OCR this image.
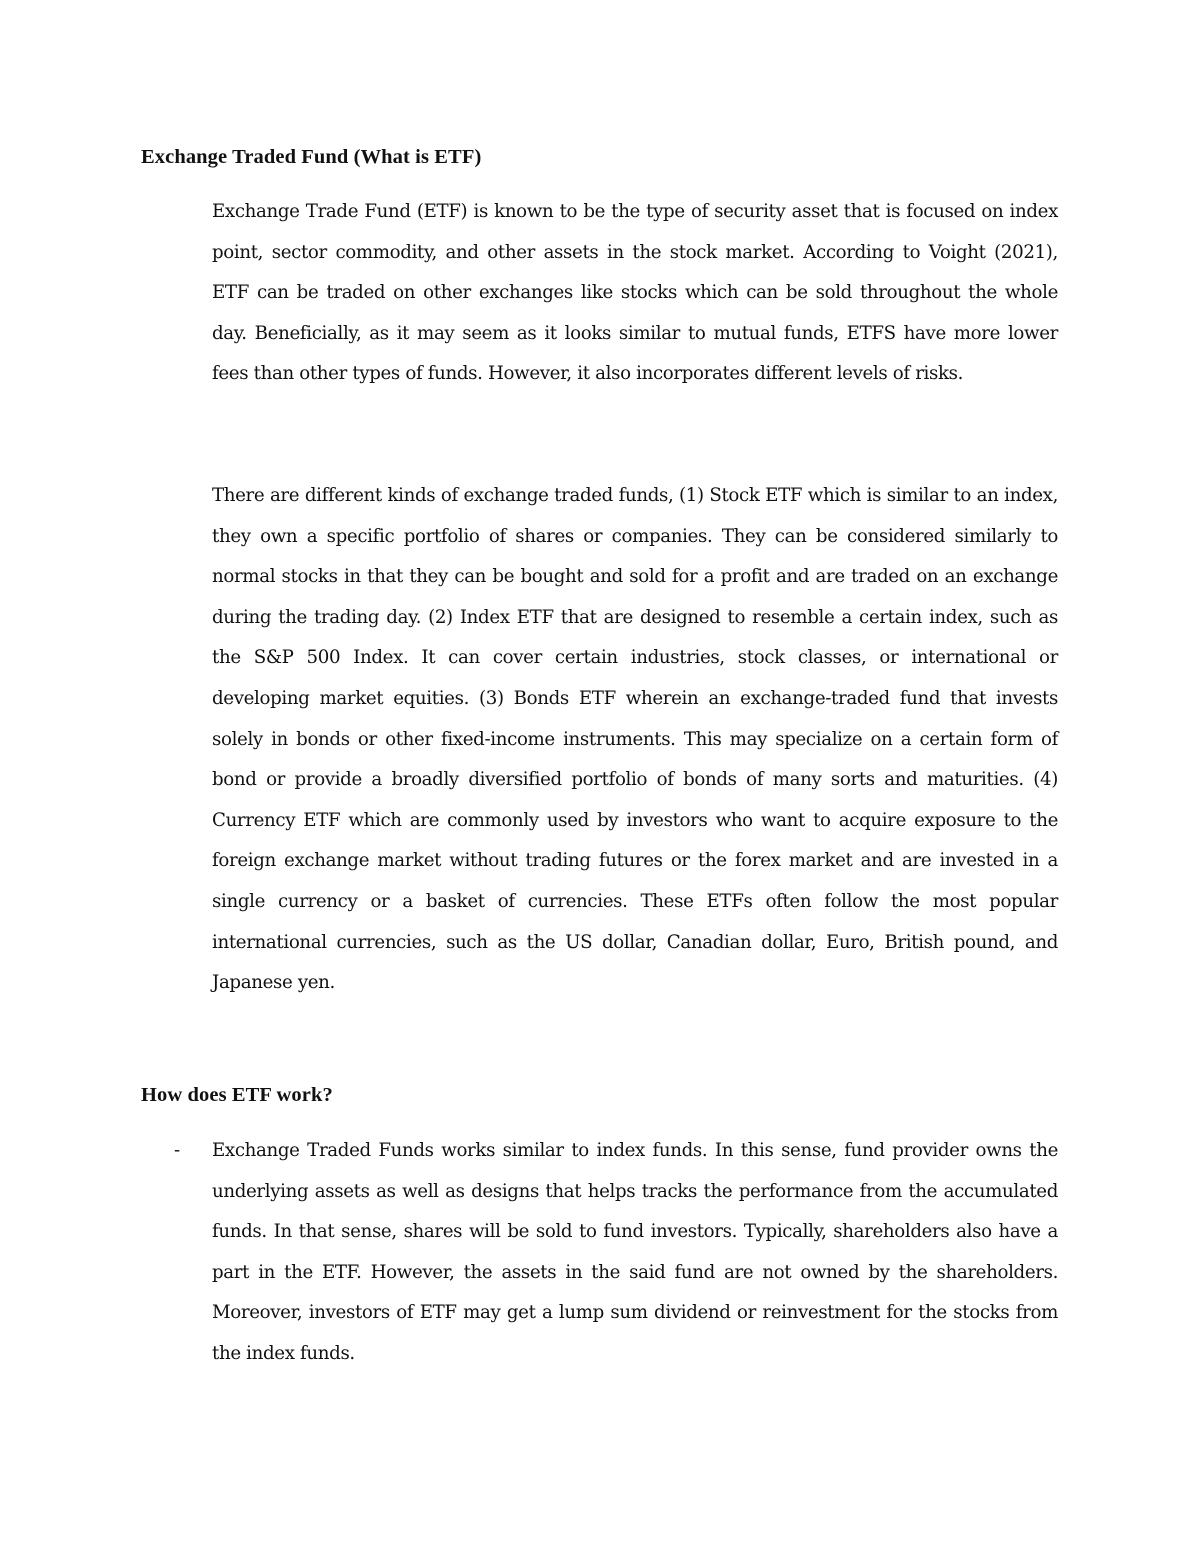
Exchange Traded Fund (What is ETF)

Exchange Trade Fund (ETF) is known to be the type of security asset that is focused on index point, sector commodity, and other assets in the stock market. According to Voight (2021), ETF can be traded on other exchanges like stocks which can be sold throughout the whole day. Beneficially, as it may seem as it looks similar to mutual funds, ETFS have more lower fees than other types of funds. However, it also incorporates different levels of risks.

There are different kinds of exchange traded funds, (1) Stock ETF which is similar to an index, they own a specific portfolio of shares or companies. They can be considered similarly to normal stocks in that they can be bought and sold for a profit and are traded on an exchange during the trading day. (2) Index ETF that are designed to resemble a certain index, such as the S&P 500 Index. It can cover certain industries, stock classes, or international or developing market equities. (3) Bonds ETF wherein an exchange-traded fund that invests solely in bonds or other fixed-income instruments. This may specialize on a certain form of bond or provide a broadly diversified portfolio of bonds of many sorts and maturities. (4) Currency ETF which are commonly used by investors who want to acquire exposure to the foreign exchange market without trading futures or the forex market and are invested in a single currency or a basket of currencies. These ETFs often follow the most popular international currencies, such as the US dollar, Canadian dollar, Euro, British pound, and Japanese yen.

How does ETF work?
- Exchange Traded Funds works similar to index funds. In this sense, fund provider owns the underlying assets as well as designs that helps tracks the performance from the accumulated funds. In that sense, shares will be sold to fund investors. Typically, shareholders also have a part in the ETF. However, the assets in the said fund are not owned by the shareholders. Moreover, investors of ETF may get a lump sum dividend or reinvestment for the stocks from the index funds.
